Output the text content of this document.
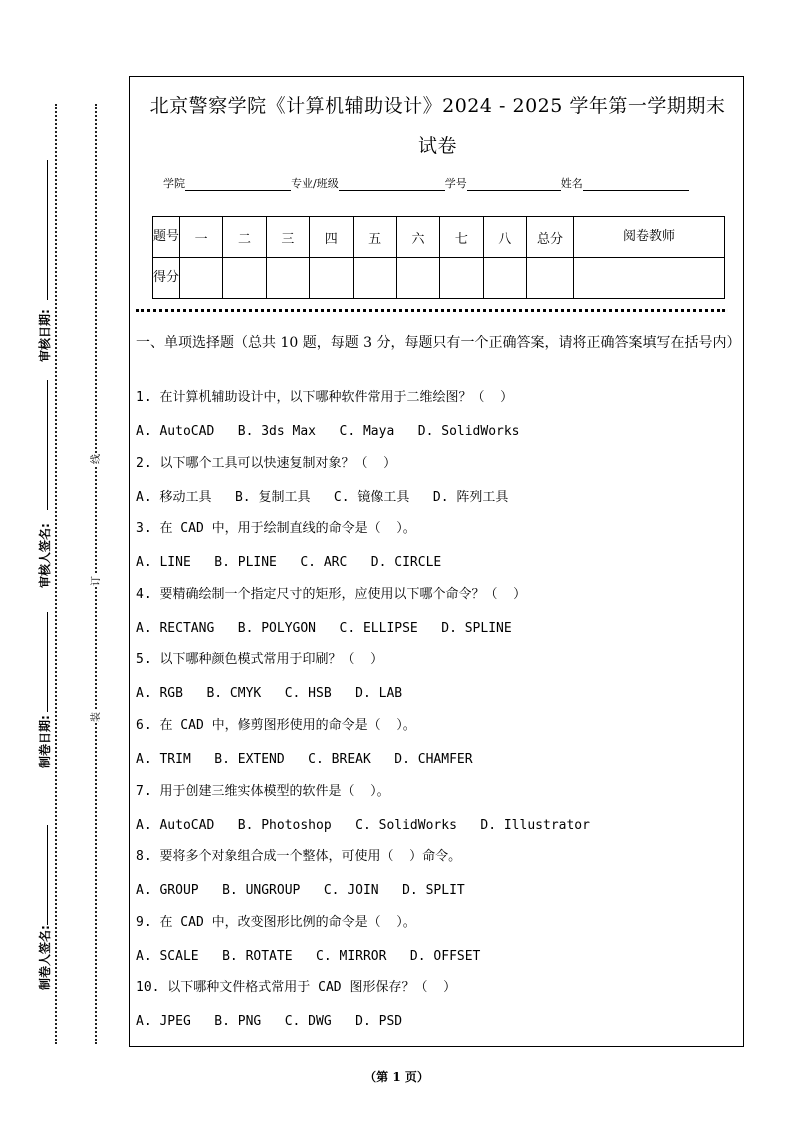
审核日期:
审核人签名:
制卷日期:
制卷人签名:
线
订
装
北京警察学院《计算机辅助设计》2024 - 2025 学年第一学期期末
试卷
学院	专业/班级	学号	姓名
题号	一	二	三	四	五	六	七	八	总分	阅卷教师
得分										
一、单项选择题（总共 10 题，每题 3 分，每题只有一个正确答案，请将正确答案填写在括号内）
1. 在计算机辅助设计中，以下哪种软件常用于二维绘图？（  ）
A. AutoCAD   B. 3ds Max   C. Maya   D. SolidWorks
2. 以下哪个工具可以快速复制对象？（  ）
A. 移动工具   B. 复制工具   C. 镜像工具   D. 阵列工具
3. 在 CAD 中，用于绘制直线的命令是（  ）。
A. LINE   B. PLINE   C. ARC   D. CIRCLE
4. 要精确绘制一个指定尺寸的矩形，应使用以下哪个命令？（  ）
A. RECTANG   B. POLYGON   C. ELLIPSE   D. SPLINE
5. 以下哪种颜色模式常用于印刷？（  ）
A. RGB   B. CMYK   C. HSB   D. LAB
6. 在 CAD 中，修剪图形使用的命令是（  ）。
A. TRIM   B. EXTEND   C. BREAK   D. CHAMFER
7. 用于创建三维实体模型的软件是（  ）。
A. AutoCAD   B. Photoshop   C. SolidWorks   D. Illustrator
8. 要将多个对象组合成一个整体，可使用（  ）命令。
A. GROUP   B. UNGROUP   C. JOIN   D. SPLIT
9. 在 CAD 中，改变图形比例的命令是（  ）。
A. SCALE   B. ROTATE   C. MIRROR   D. OFFSET
10. 以下哪种文件格式常用于 CAD 图形保存？（  ）
A. JPEG   B. PNG   C. DWG   D. PSD
（第 1 页）
